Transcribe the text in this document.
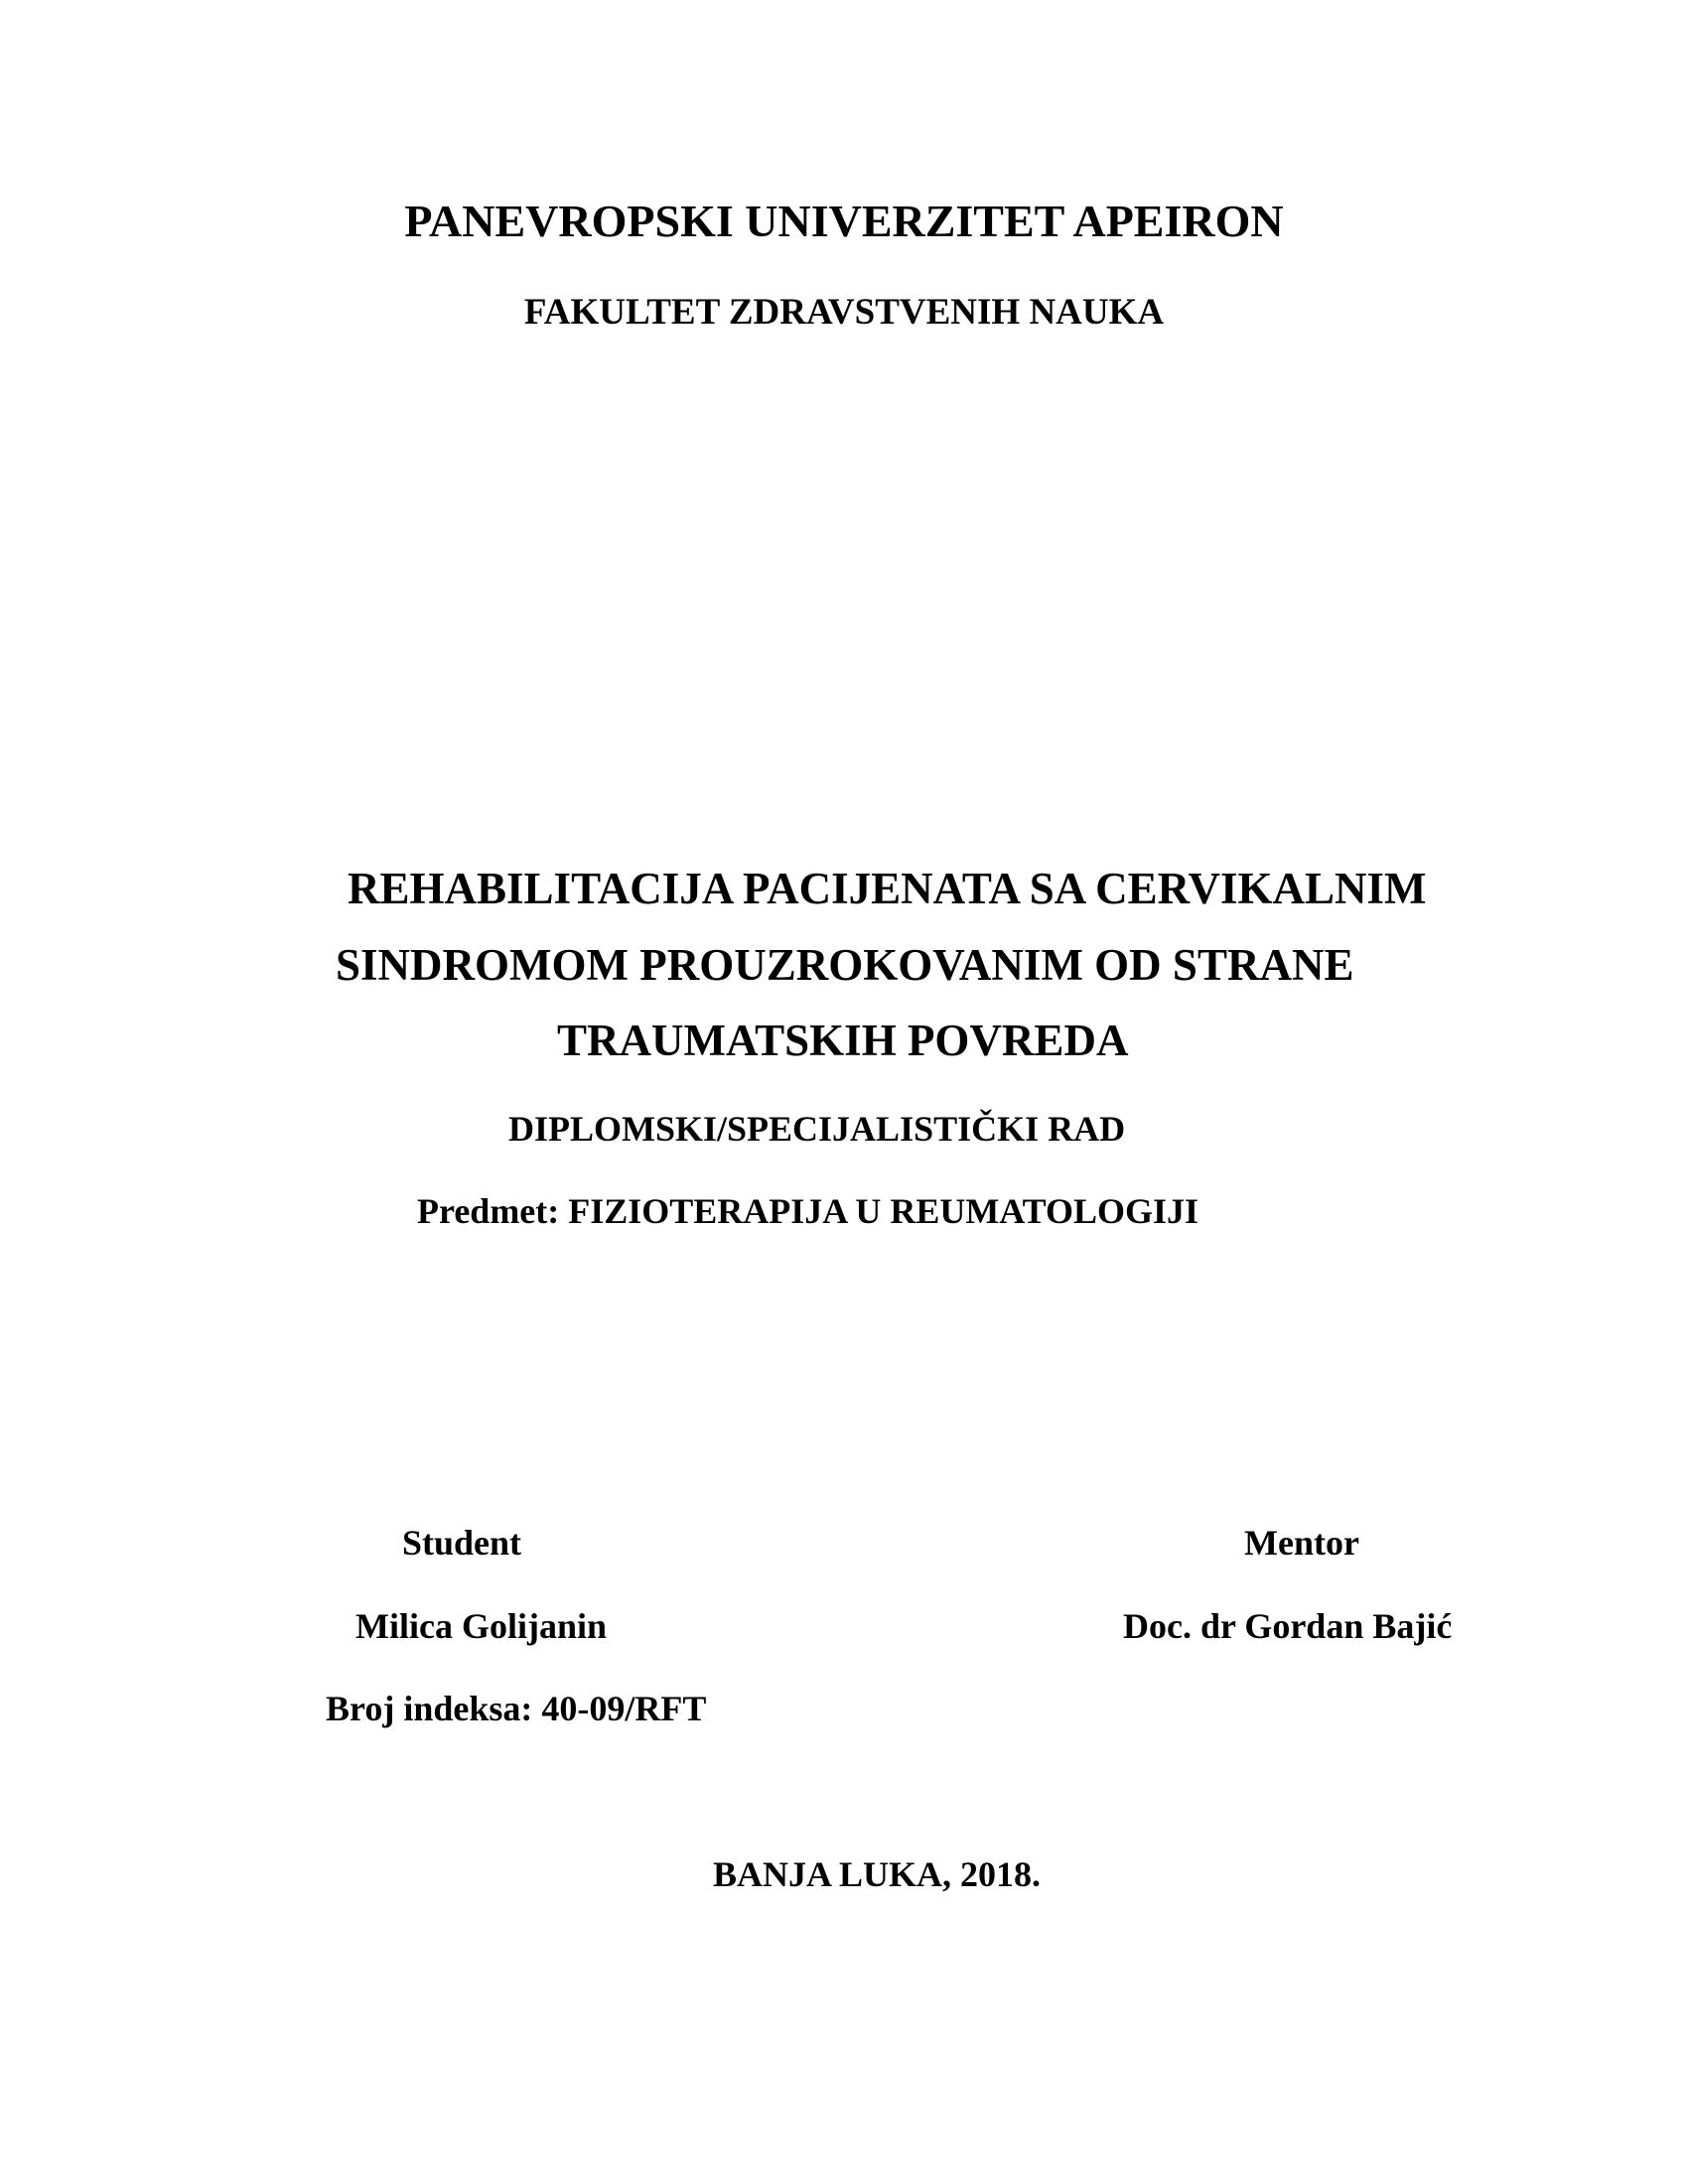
PANEVROPSKI UNIVERZITET APEIRON
FAKULTET ZDRAVSTVENIH NAUKA
REHABILITACIJA PACIJENATA SA CERVIKALNIM
SINDROMOM PROUZROKOVANIM OD STRANE
TRAUMATSKIH POVREDA
DIPLOMSKI/SPECIJALISTIČKI RAD
Predmet: FIZIOTERAPIJA U REUMATOLOGIJI
Student
Milica Golijanin
Broj indeksa: 40-09/RFT
Mentor
Doc. dr Gordan Bajić
BANJA LUKA, 2018.
